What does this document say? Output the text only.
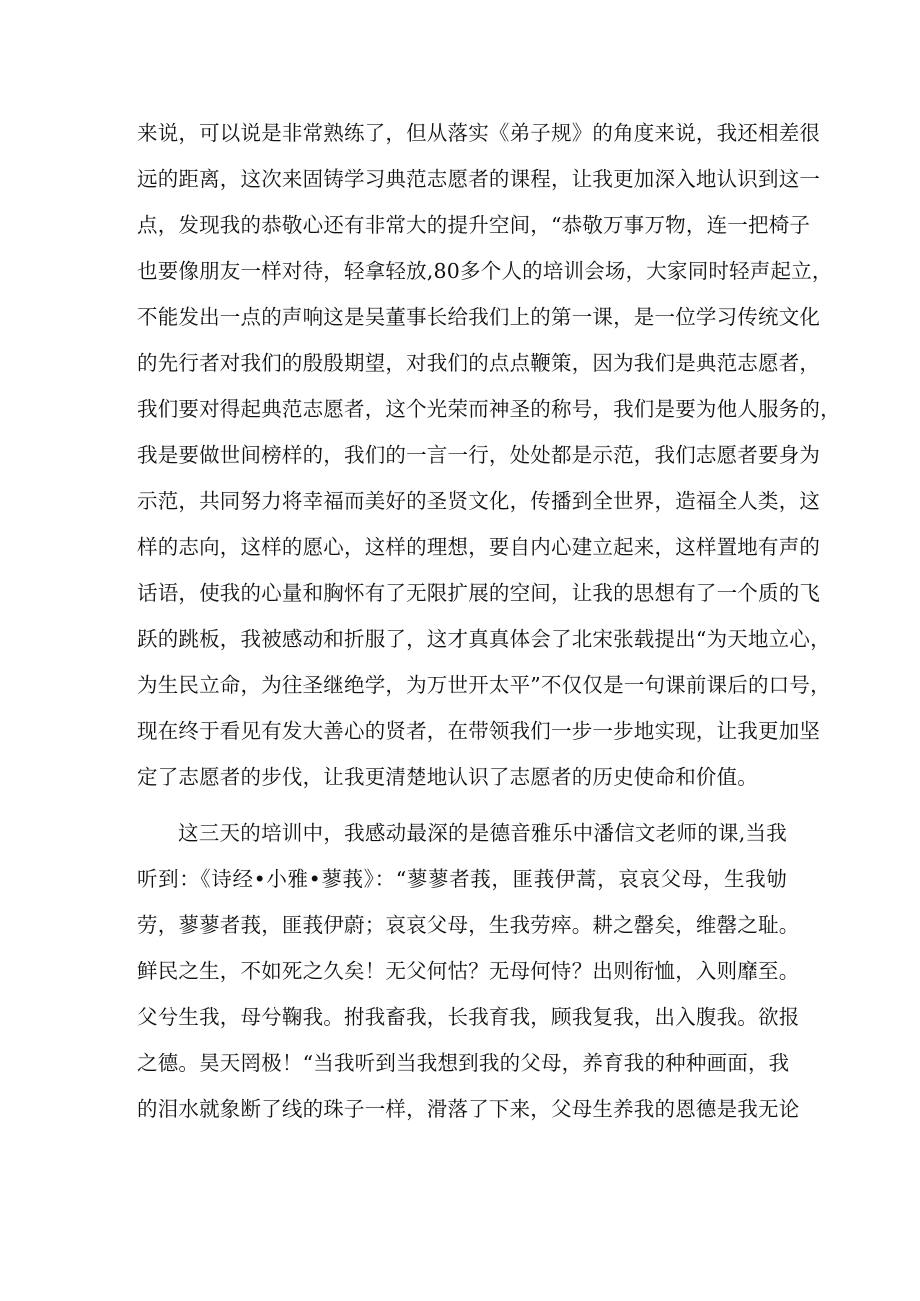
来说，可以说是非常熟练了，但从落实《弟子规》的角度来说，我还相差很
远的距离，这次来固铸学习典范志愿者的课程，让我更加深入地认识到这一
点，发现我的恭敬心还有非常大的提升空间，“恭敬万事万物，连一把椅子
也要像朋友一样对待，轻拿轻放,80多个人的培训会场，大家同时轻声起立，
不能发出一点的声响这是吴董事长给我们上的第一课，是一位学习传统文化
的先行者对我们的殷殷期望，对我们的点点鞭策，因为我们是典范志愿者，
我们要对得起典范志愿者，这个光荣而神圣的称号，我们是要为他人服务的，
我是要做世间榜样的，我们的一言一行，处处都是示范，我们志愿者要身为
示范，共同努力将幸福而美好的圣贤文化，传播到全世界，造福全人类，这
样的志向，这样的愿心，这样的理想，要自内心建立起来，这样置地有声的
话语，使我的心量和胸怀有了无限扩展的空间，让我的思想有了一个质的飞
跃的跳板，我被感动和折服了，这才真真体会了北宋张载提出“为天地立心，
为生民立命，为往圣继绝学，为万世开太平”不仅仅是一句课前课后的口号，
现在终于看见有发大善心的贤者，在带领我们一步一步地实现，让我更加坚
定了志愿者的步伐，让我更清楚地认识了志愿者的历史使命和价值。
这三天的培训中，我感动最深的是德音雅乐中潘信文老师的课,当我
听到：《诗经•小雅•蓼莪》：“蓼蓼者莪，匪莪伊蒿，哀哀父母，生我劬
劳，蓼蓼者莪，匪莪伊蔚；哀哀父母，生我劳瘁。耕之罄矣，维罄之耻。
鲜民之生，不如死之久矣！无父何怙？无母何恃？出则衔恤，入则靡至。
父兮生我，母兮鞠我。拊我畜我，长我育我，顾我复我，出入腹我。欲报
之德。昊天罔极！“当我听到当我想到我的父母，养育我的种种画面，我
的泪水就象断了线的珠子一样，滑落了下来，父母生养我的恩德是我无论
